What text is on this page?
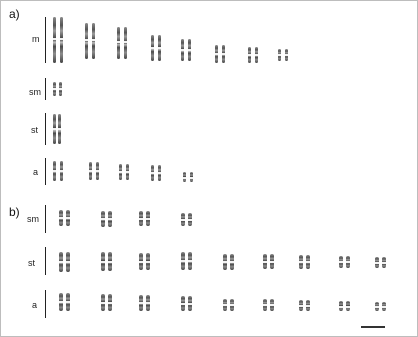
a)
m
sm
st
a
b) sm
st
a
